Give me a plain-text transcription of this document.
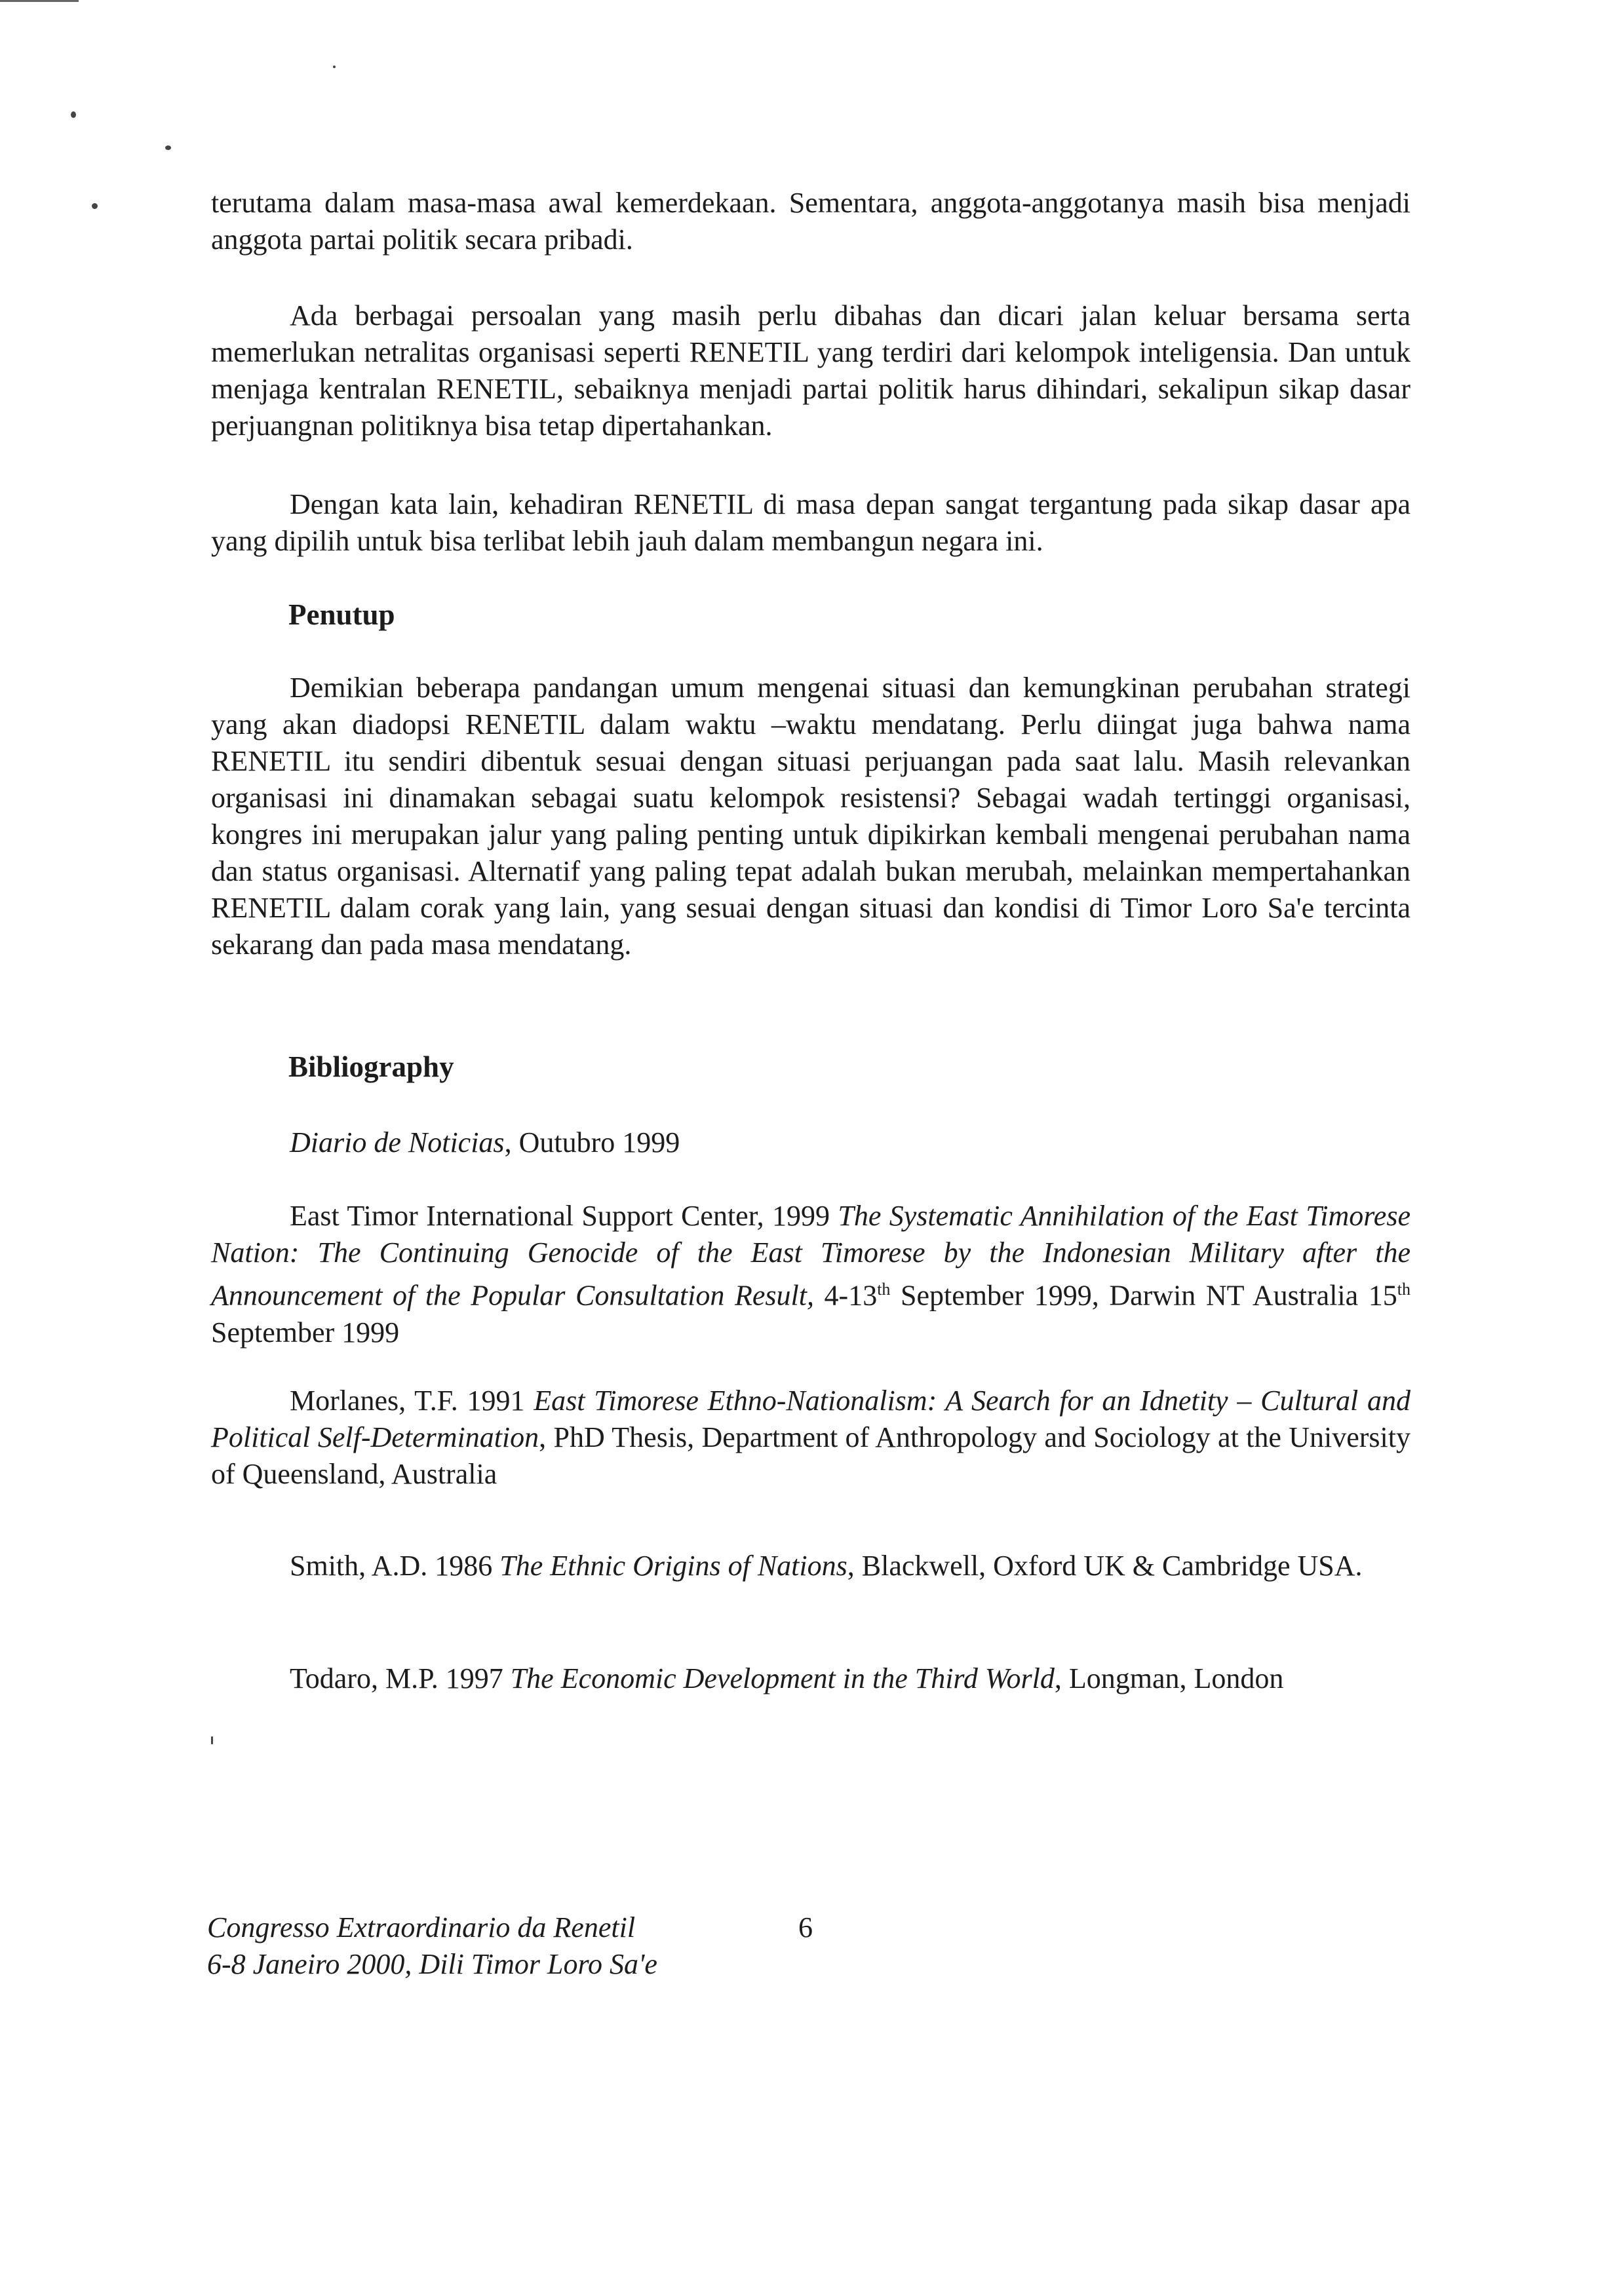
terutama dalam masa-masa awal kemerdekaan. Sementara, anggota-anggotanya masih bisa menjadi anggota partai politik secara pribadi.

Ada berbagai persoalan yang masih perlu dibahas dan dicari jalan keluar bersama serta memerlukan netralitas organisasi seperti RENETIL yang terdiri dari kelompok inteligensia. Dan untuk menjaga kentralan RENETIL, sebaiknya menjadi partai politik harus dihindari, sekalipun sikap dasar perjuangnan politiknya bisa tetap dipertahankan.

Dengan kata lain, kehadiran RENETIL di masa depan sangat tergantung pada sikap dasar apa yang dipilih untuk bisa terlibat lebih jauh dalam membangun negara ini.

Penutup

Demikian beberapa pandangan umum mengenai situasi dan kemungkinan perubahan strategi yang akan diadopsi RENETIL dalam waktu –waktu mendatang. Perlu diingat juga bahwa nama RENETIL itu sendiri dibentuk sesuai dengan situasi perjuangan pada saat lalu. Masih relevankan organisasi ini dinamakan sebagai suatu kelompok resistensi? Sebagai wadah tertinggi organisasi, kongres ini merupakan jalur yang paling penting untuk dipikirkan kembali mengenai perubahan nama dan status organisasi. Alternatif yang paling tepat adalah bukan merubah, melainkan mempertahankan RENETIL dalam corak yang lain, yang sesuai dengan situasi dan kondisi di Timor Loro Sa'e tercinta sekarang dan pada masa mendatang.

Bibliography
Diario de Noticias, Outubro 1999
East Timor International Support Center, 1999 The Systematic Annihilation of the East Timorese Nation: The Continuing Genocide of the East Timorese by the Indonesian Military after the Announcement of the Popular Consultation Result, 4-13th September 1999, Darwin NT Australia 15th September 1999
Morlanes, T.F. 1991 East Timorese Ethno-Nationalism: A Search for an Idnetity – Cultural and Political Self-Determination, PhD Thesis, Department of Anthropology and Sociology at the University of Queensland, Australia
Smith, A.D. 1986 The Ethnic Origins of Nations, Blackwell, Oxford UK & Cambridge USA.
Todaro, M.P. 1997 The Economic Development in the Third World, Longman, London
Congresso Extraordinario da Renetil
6-8 Janeiro 2000, Dili Timor Loro Sa'e
6
